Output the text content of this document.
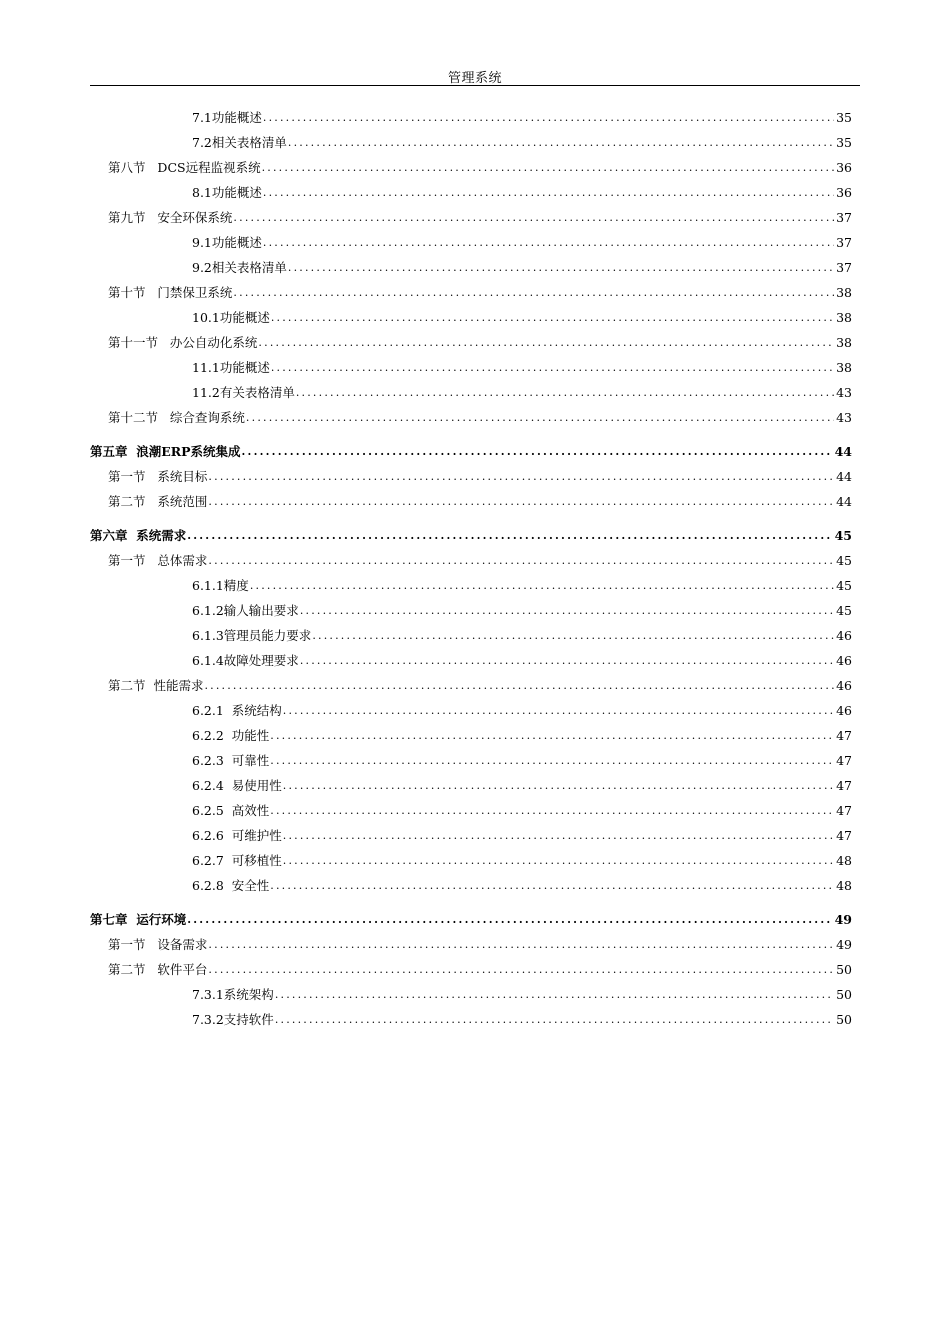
管理系统
7.1功能概述 .....	35
7.2相关表格清单 .....	35
第八节   DCS远程监视系统 .....	36
8.1功能概述 .....	36
第九节   安全环保系统 .....	37
9.1功能概述 .....	37
9.2相关表格清单 .....	37
第十节   门禁保卫系统 .....	38
10.1功能概述 .....	38
第十一节   办公自动化系统 .....	38
11.1功能概述 .....	38
11.2有关表格清单 .....	43
第十二节   综合查询系统 .....	43
第五章  浪潮ERP系统集成 .....	44
第一节   系统目标 .....	44
第二节   系统范围 .....	44
第六章  系统需求 .....	45
第一节   总体需求 .....	45
6.1.1精度 .....	45
6.1.2输人输出要求 .....	45
6.1.3管理员能力要求 .....	46
6.1.4故障处理要求 .....	46
第二节  性能需求 .....	46
6.2.1  系统结构 .....	46
6.2.2  功能性 .....	47
6.2.3  可靠性 .....	47
6.2.4  易使用性 .....	47
6.2.5  高效性 .....	47
6.2.6  可维护性 .....	47
6.2.7  可移植性 .....	48
6.2.8  安全性 .....	48
第七章  运行环境 .....	49
第一节   设备需求 .....	49
第二节   软件平台 .....	50
7.3.1系统架构 .....	50
7.3.2支持软件 .....	50
